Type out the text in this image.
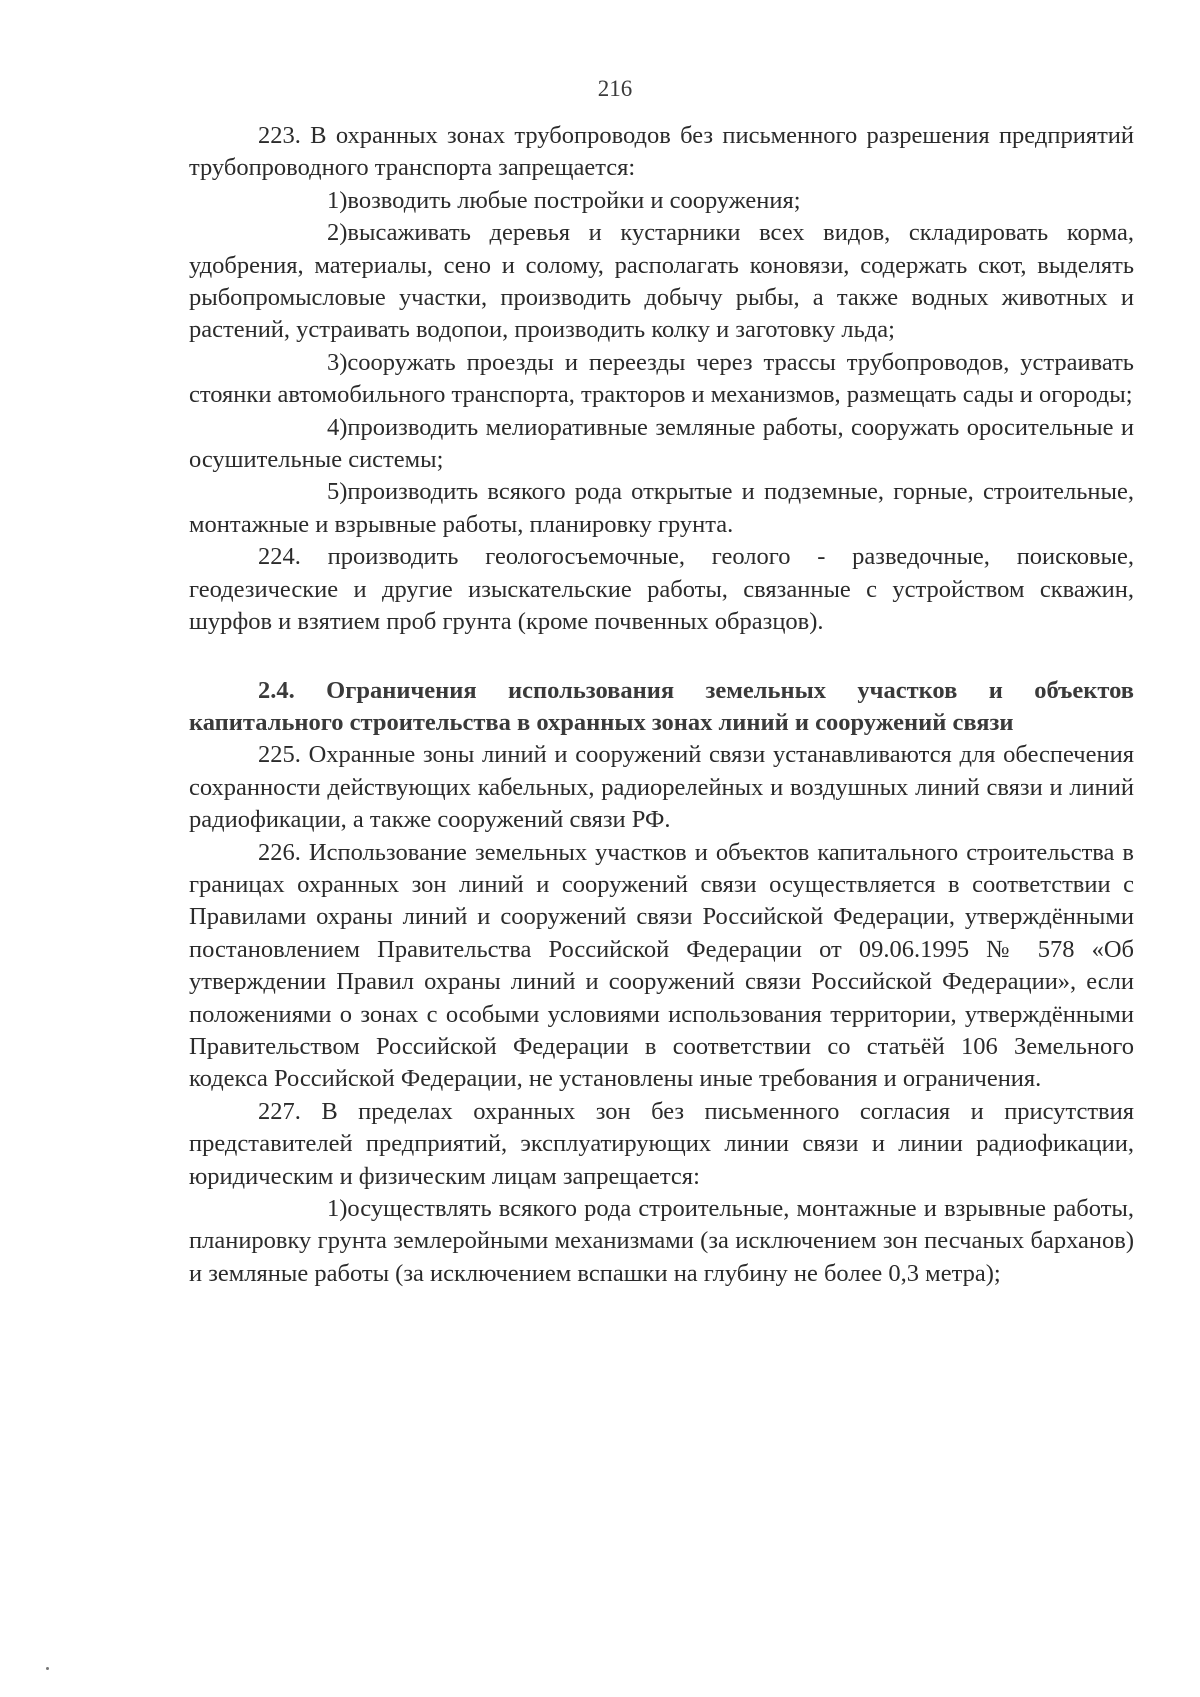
216

223. В охранных зонах трубопроводов без письменного разрешения предприятий трубопроводного транспорта запрещается:

1)возводить любые постройки и сооружения;

2)высаживать деревья и кустарники всех видов, складировать корма, удобрения, материалы, сено и солому, располагать коновязи, содержать скот, выделять рыбопромысловые участки, производить добычу рыбы, а также водных животных и растений, устраивать водопои, производить колку и заготовку льда;

3)сооружать проезды и переезды через трассы трубопроводов, устраивать стоянки автомобильного транспорта, тракторов и механизмов, размещать сады и огороды;

4)производить мелиоративные земляные работы, сооружать оросительные и осушительные системы;

5)производить всякого рода открытые и подземные, горные, строительные, монтажные и взрывные работы, планировку грунта.

224. производить геологосъемочные, геолого - разведочные, поисковые, геодезические и другие изыскательские работы, связанные с устройством скважин, шурфов и взятием проб грунта (кроме почвенных образцов).

2.4. Ограничения использования земельных участков и объектов капитального строительства в охранных зонах линий и сооружений связи

225. Охранные зоны линий и сооружений связи устанавливаются для обеспечения сохранности действующих кабельных, радиорелейных и воздушных линий связи и линий радиофикации, а также сооружений связи РФ.

226. Использование земельных участков и объектов капитального строительства в границах охранных зон линий и сооружений связи осуществляется в соответствии с Правилами охраны линий и сооружений связи Российской Федерации, утверждёнными постановлением Правительства Российской Федерации от 09.06.1995 № 578 «Об утверждении Правил охраны линий и сооружений связи Российской Федерации», если положениями о зонах с особыми условиями использования территории, утверждёнными Правительством Российской Федерации в соответствии со статьёй 106 Земельного кодекса Российской Федерации, не установлены иные требования и ограничения.

227. В пределах охранных зон без письменного согласия и присутствия представителей предприятий, эксплуатирующих линии связи и линии радиофикации, юридическим и физическим лицам запрещается:

1)осуществлять всякого рода строительные, монтажные и взрывные работы, планировку грунта землеройными механизмами (за исключением зон песчаных барханов) и земляные работы (за исключением вспашки на глубину не более 0,3 метра);
